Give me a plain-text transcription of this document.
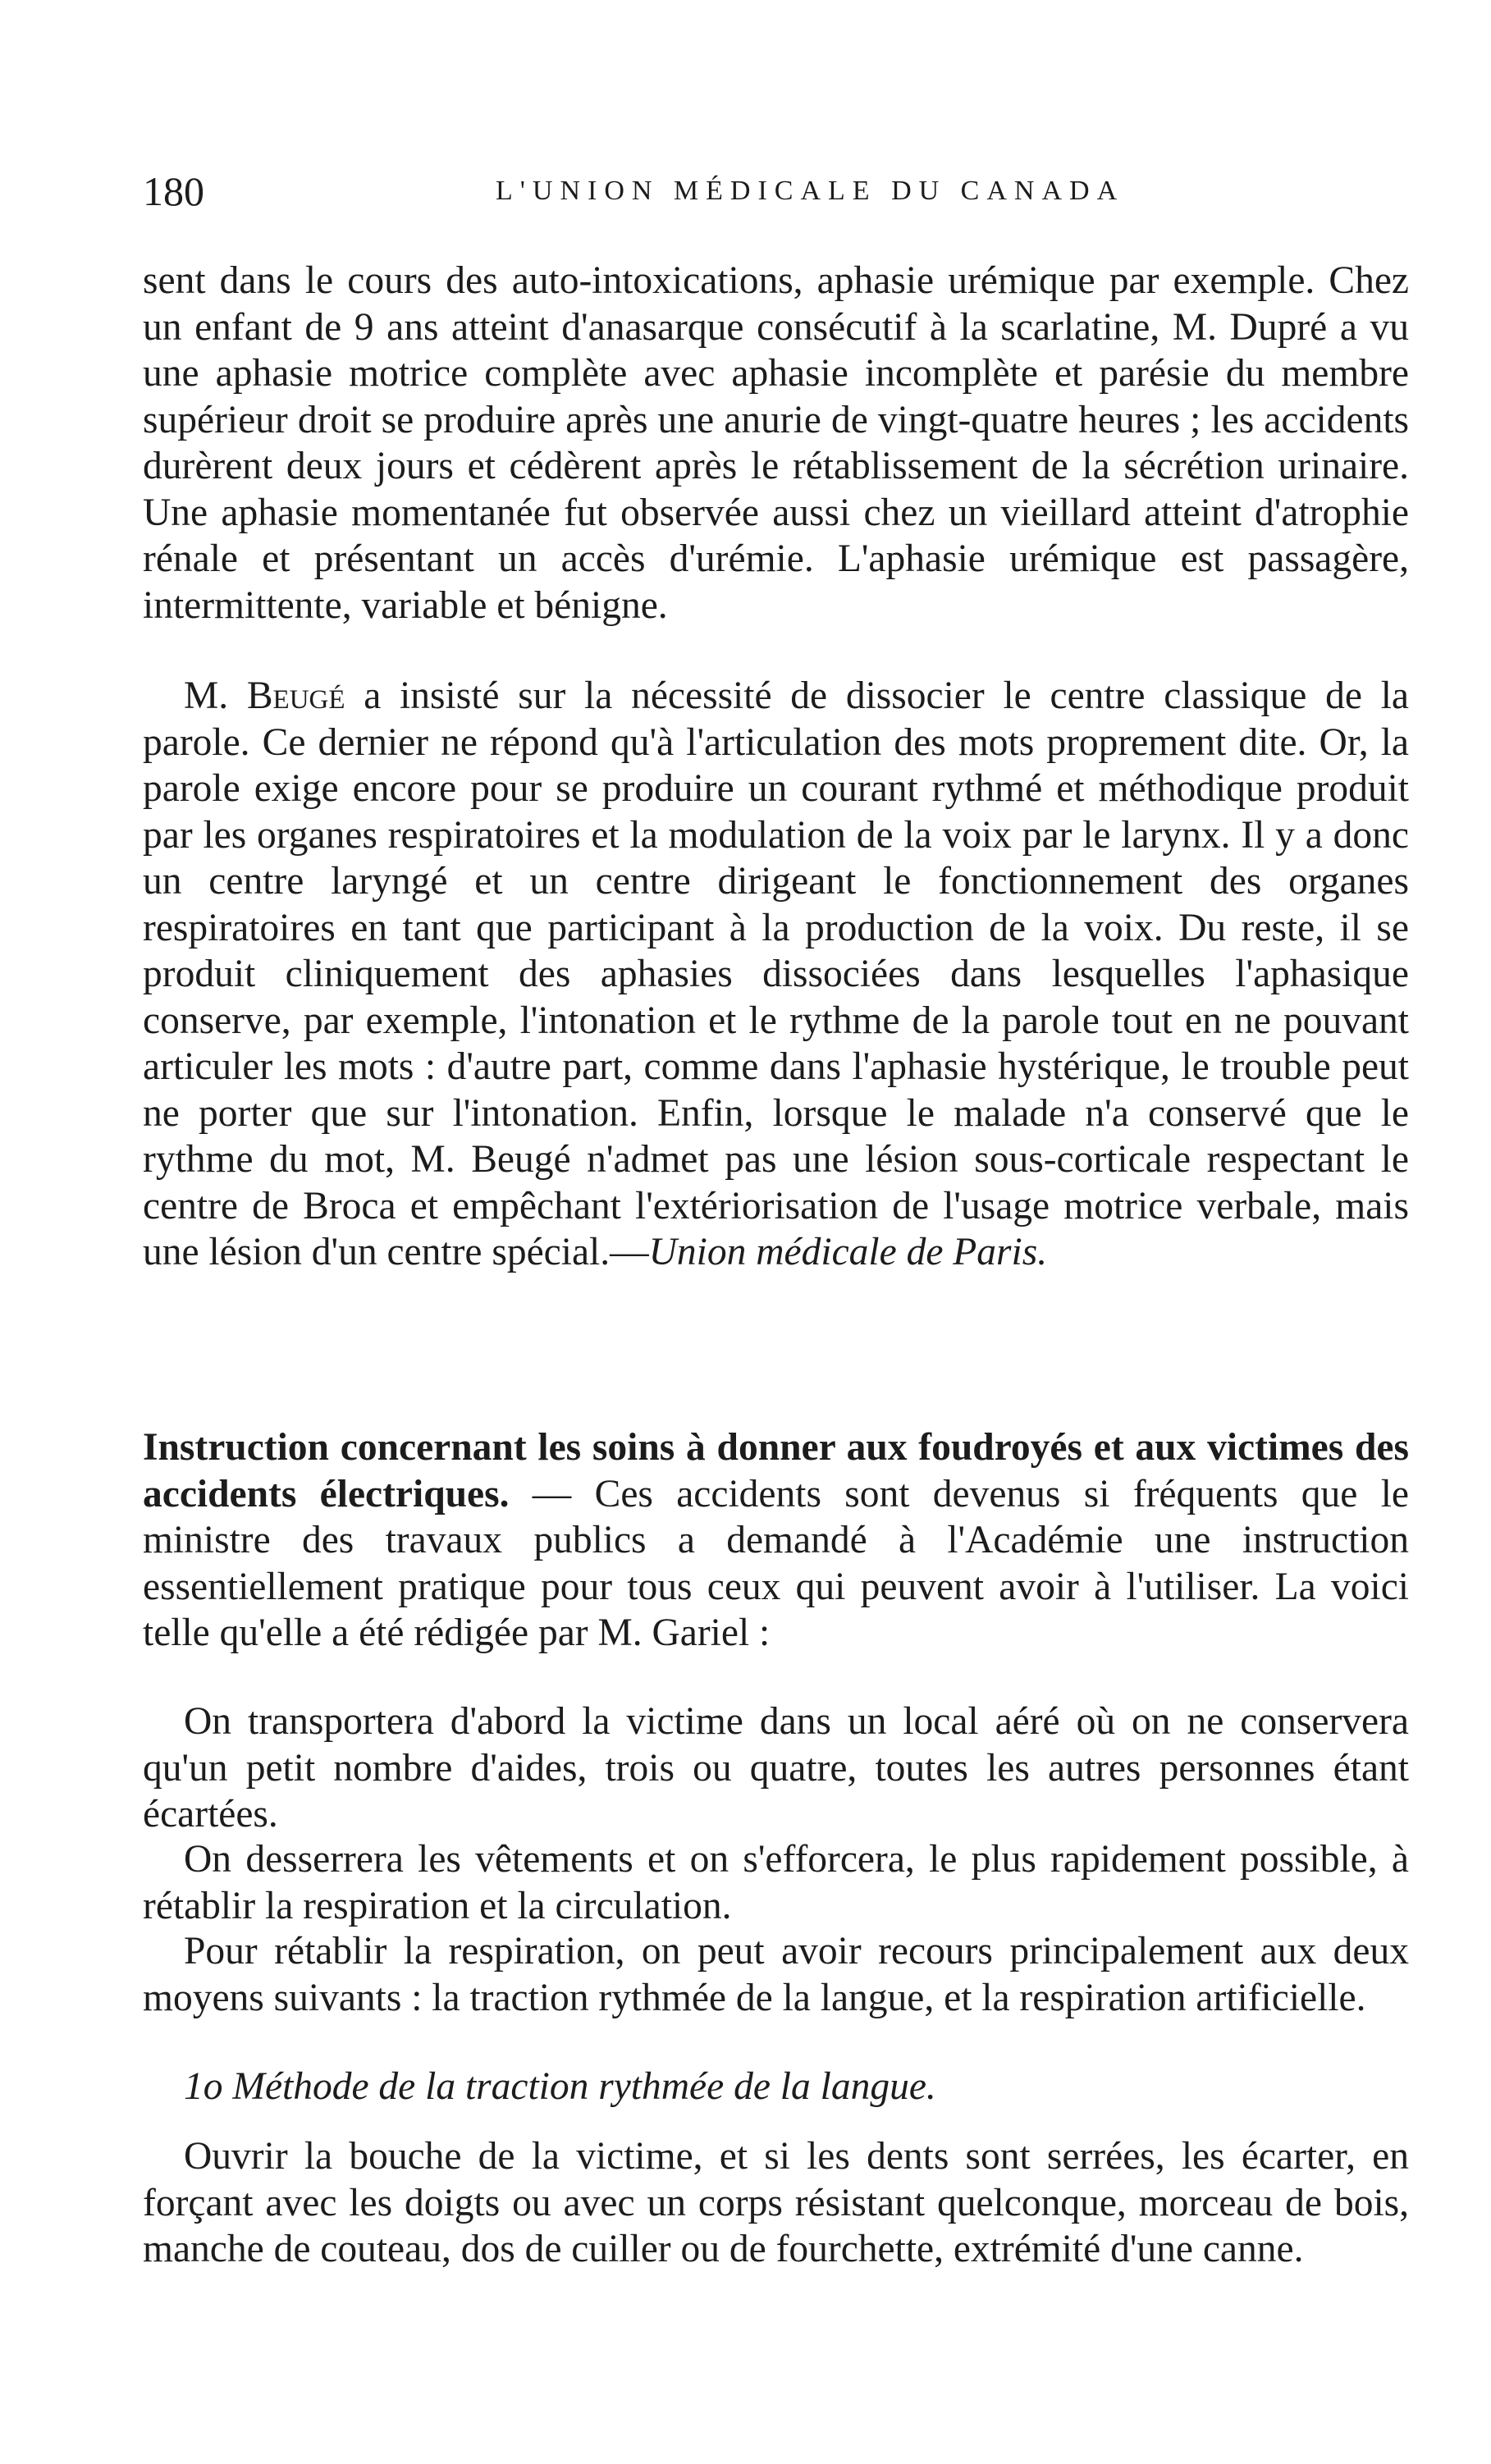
180	L'UNION MÉDICALE DU CANADA
sent dans le cours des auto-intoxications, aphasie urémique par exemple. Chez un enfant de 9 ans atteint d'anasarque consécutif à la scarlatine, M. Dupré a vu une aphasie motrice complète avec aphasie incomplète et parésie du membre supérieur droit se produire après une anurie de vingt-quatre heures ; les accidents durèrent deux jours et cédèrent après le rétablissement de la sécrétion urinaire. Une aphasie momentanée fut observée aussi chez un vieillard atteint d'atrophie rénale et présentant un accès d'urémie. L'aphasie urémique est passagère, intermittente, variable et bénigne.
M. Beugé a insisté sur la nécessité de dissocier le centre classique de la parole. Ce dernier ne répond qu'à l'articulation des mots proprement dite. Or, la parole exige encore pour se produire un courant rythmé et méthodique produit par les organes respiratoires et la modulation de la voix par le larynx. Il y a donc un centre laryngé et un centre dirigeant le fonctionnement des organes respiratoires en tant que participant à la production de la voix. Du reste, il se produit cliniquement des aphasies dissociées dans lesquelles l'aphasique conserve, par exemple, l'intonation et le rythme de la parole tout en ne pouvant articuler les mots : d'autre part, comme dans l'aphasie hystérique, le trouble peut ne porter que sur l'intonation. Enfin, lorsque le malade n'a conservé que le rythme du mot, M. Beugé n'admet pas une lésion sous-corticale respectant le centre de Broca et empêchant l'extériorisation de l'usage motrice verbale, mais une lésion d'un centre spécial.—Union médicale de Paris.
Instruction concernant les soins à donner aux foudroyés et aux victimes des accidents électriques. — Ces accidents sont devenus si fréquents que le ministre des travaux publics a demandé à l'Académie une instruction essentiellement pratique pour tous ceux qui peuvent avoir à l'utiliser. La voici telle qu'elle a été rédigée par M. Gariel :
On transportera d'abord la victime dans un local aéré où on ne conservera qu'un petit nombre d'aides, trois ou quatre, toutes les autres personnes étant écartées.
On desserrera les vêtements et on s'efforcera, le plus rapidement possible, à rétablir la respiration et la circulation.
Pour rétablir la respiration, on peut avoir recours principalement aux deux moyens suivants : la traction rythmée de la langue, et la respiration artificielle.
1o Méthode de la traction rythmée de la langue.
Ouvrir la bouche de la victime, et si les dents sont serrées, les écarter, en forçant avec les doigts ou avec un corps résistant quelconque, morceau de bois, manche de couteau, dos de cuiller ou de fourchette, extrémité d'une canne.
